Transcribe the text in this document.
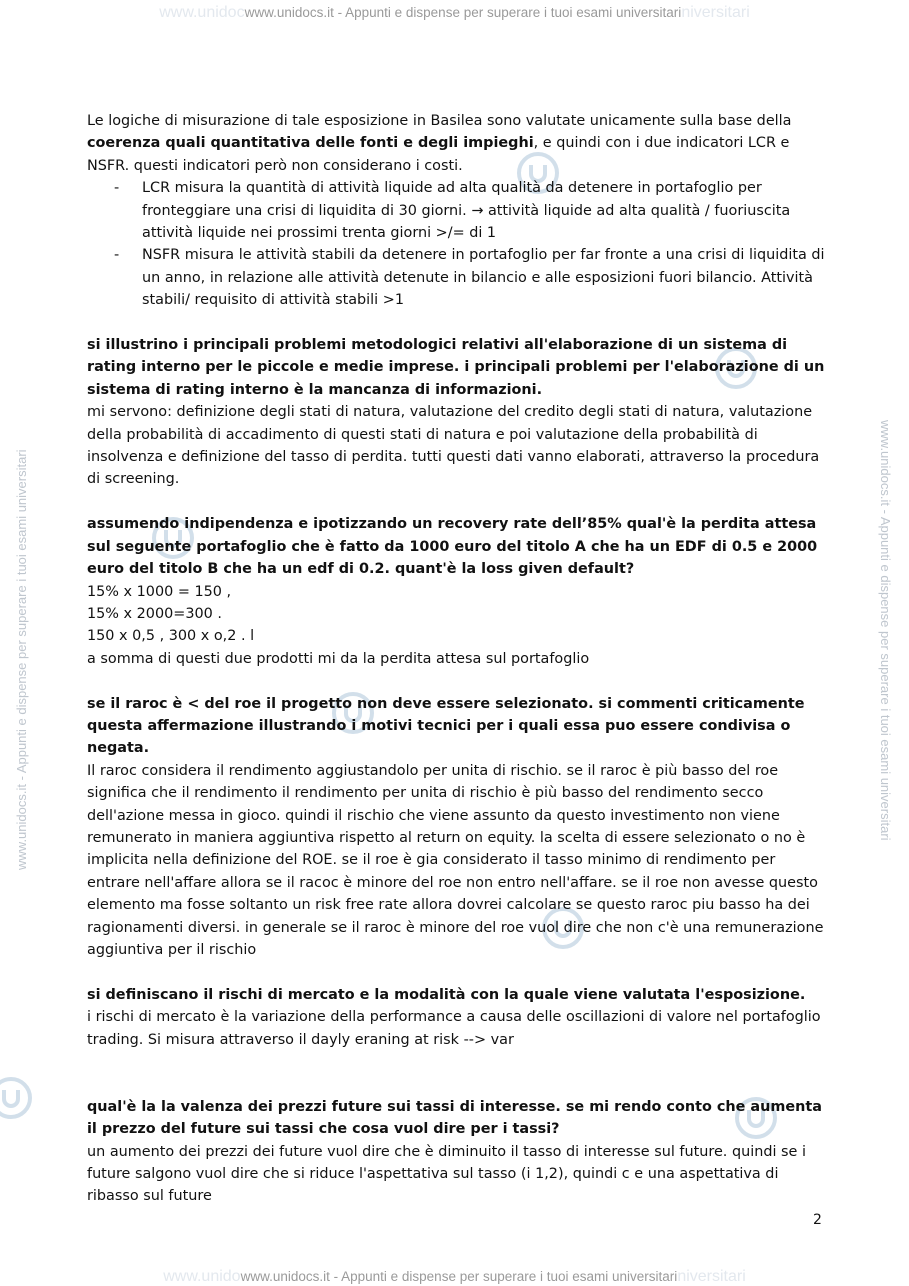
www.unidocwww.unidocs.it - Appunti e dispense per superare i tuoi esami universitariniversitari
www.unidocs.it - Appunti e dispense per superare i tuoi esami universitari	www.unidocs.it - Appunti e dispense per superare i tuoi esami universitari

Le logiche di misurazione di tale esposizione in Basilea sono valutate unicamente sulla base della coerenza quali quantitativa delle fonti e degli impieghi, e quindi con i due indicatori LCR e NSFR. questi indicatori però non considerano i costi.

- LCR misura la quantità di attività liquide ad alta qualità da detenere in portafoglio per fronteggiare una crisi di liquidita di 30 giorni. → attività liquide ad alta qualità / fuoriuscita attività liquide nei prossimi trenta giorni >/= di 1

- NSFR misura le attività stabili da detenere in portafoglio per far fronte a una crisi di liquidita di un anno, in relazione alle attività detenute in bilancio e alle esposizioni fuori bilancio. Attività stabili/ requisito di attività stabili >1

si illustrino i principali problemi metodologici relativi all'elaborazione di un sistema di rating interno per le piccole e medie imprese. i principali problemi per l'elaborazione di un sistema di rating interno è la mancanza di informazioni.

mi servono: definizione degli stati di natura, valutazione del credito degli stati di natura, valutazione della probabilità di accadimento di questi stati di natura e poi valutazione della probabilità di insolvenza e definizione del tasso di perdita. tutti questi dati vanno elaborati, attraverso la procedura di screening.

assumendo indipendenza e ipotizzando un recovery rate dell’85% qual'è la perdita attesa sul seguente portafoglio che è fatto da 1000 euro del titolo A che ha un EDF di 0.5 e 2000 euro del titolo B che ha un edf di 0.2. quant'è la loss given default?

15% x 1000 = 150 ,

15% x 2000=300 .

150 x 0,5 , 300 x o,2 . l

a somma di questi due prodotti mi da la perdita attesa sul portafoglio

se il raroc è < del roe il progetto non deve essere selezionato. si commenti criticamente questa affermazione illustrando i motivi tecnici per i quali essa puo essere condivisa o negata.

Il raroc considera il rendimento aggiustandolo per unita di rischio. se il raroc è più basso del roe significa che il rendimento il rendimento per unita di rischio è più basso del rendimento secco dell'azione messa in gioco. quindi il rischio che viene assunto da questo investimento non viene remunerato in maniera aggiuntiva rispetto al return on equity. la scelta di essere selezionato o no è implicita nella definizione del ROE. se il roe è gia considerato il tasso minimo di rendimento per entrare nell'affare allora se il racoc è minore del roe non entro nell'affare. se il roe non avesse questo elemento ma fosse soltanto un risk free rate allora dovrei calcolare se questo raroc piu basso ha dei ragionamenti diversi. in generale se il raroc è minore del roe vuol dire che non c'è una remunerazione aggiuntiva per il rischio

si definiscano il rischi di mercato e la modalità con la quale viene valutata l'esposizione.

i rischi di mercato è la variazione della performance a causa delle oscillazioni di valore nel portafoglio trading. Si misura attraverso il dayly eraning at risk --> var

qual'è la la valenza dei prezzi future sui tassi di interesse. se mi rendo conto che aumenta il prezzo del future sui tassi che cosa vuol dire per i tassi?

un aumento dei prezzi dei future vuol dire che è diminuito il tasso di interesse sul future. quindi se i future salgono vuol dire che si riduce l'aspettativa sul tasso (i 1,2), quindi c e una aspettativa di ribasso sul future

2
www.unidowww.unidocs.it - Appunti e dispense per superare i tuoi esami universitariniversitari
